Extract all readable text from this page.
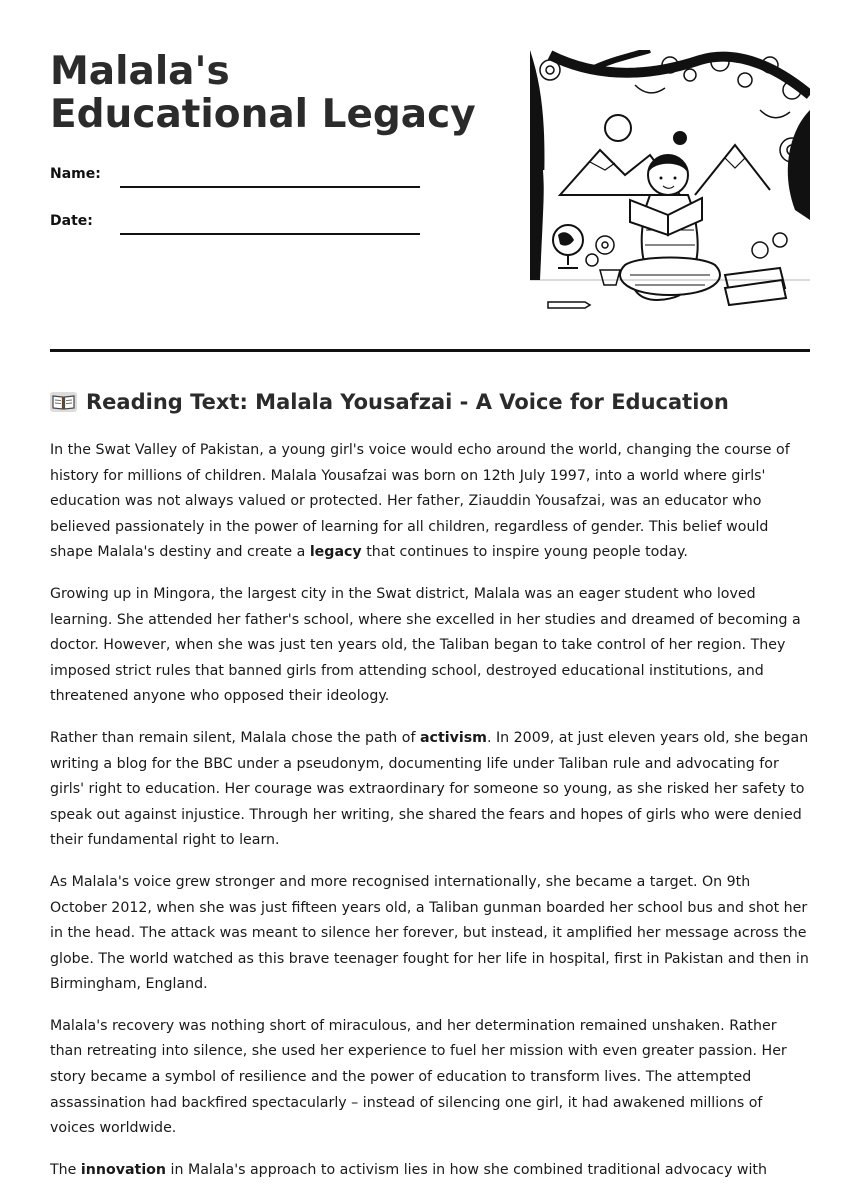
Malala's Educational Legacy
Name:
Date:
Reading Text: Malala Yousafzai - A Voice for Education

In the Swat Valley of Pakistan, a young girl's voice would echo around the world, changing the course of history for millions of children. Malala Yousafzai was born on 12th July 1997, into a world where girls' education was not always valued or protected. Her father, Ziauddin Yousafzai, was an educator who believed passionately in the power of learning for all children, regardless of gender. This belief would shape Malala's destiny and create a legacy that continues to inspire young people today.

Growing up in Mingora, the largest city in the Swat district, Malala was an eager student who loved learning. She attended her father's school, where she excelled in her studies and dreamed of becoming a doctor. However, when she was just ten years old, the Taliban began to take control of her region. They imposed strict rules that banned girls from attending school, destroyed educational institutions, and threatened anyone who opposed their ideology.

Rather than remain silent, Malala chose the path of activism. In 2009, at just eleven years old, she began writing a blog for the BBC under a pseudonym, documenting life under Taliban rule and advocating for girls' right to education. Her courage was extraordinary for someone so young, as she risked her safety to speak out against injustice. Through her writing, she shared the fears and hopes of girls who were denied their fundamental right to learn.

As Malala's voice grew stronger and more recognised internationally, she became a target. On 9th October 2012, when she was just fifteen years old, a Taliban gunman boarded her school bus and shot her in the head. The attack was meant to silence her forever, but instead, it amplified her message across the globe. The world watched as this brave teenager fought for her life in hospital, first in Pakistan and then in Birmingham, England.

Malala's recovery was nothing short of miraculous, and her determination remained unshaken. Rather than retreating into silence, she used her experience to fuel her mission with even greater passion. Her story became a symbol of resilience and the power of education to transform lives. The attempted assassination had backfired spectacularly – instead of silencing one girl, it had awakened millions of voices worldwide.

The innovation in Malala's approach to activism lies in how she combined traditional advocacy with
